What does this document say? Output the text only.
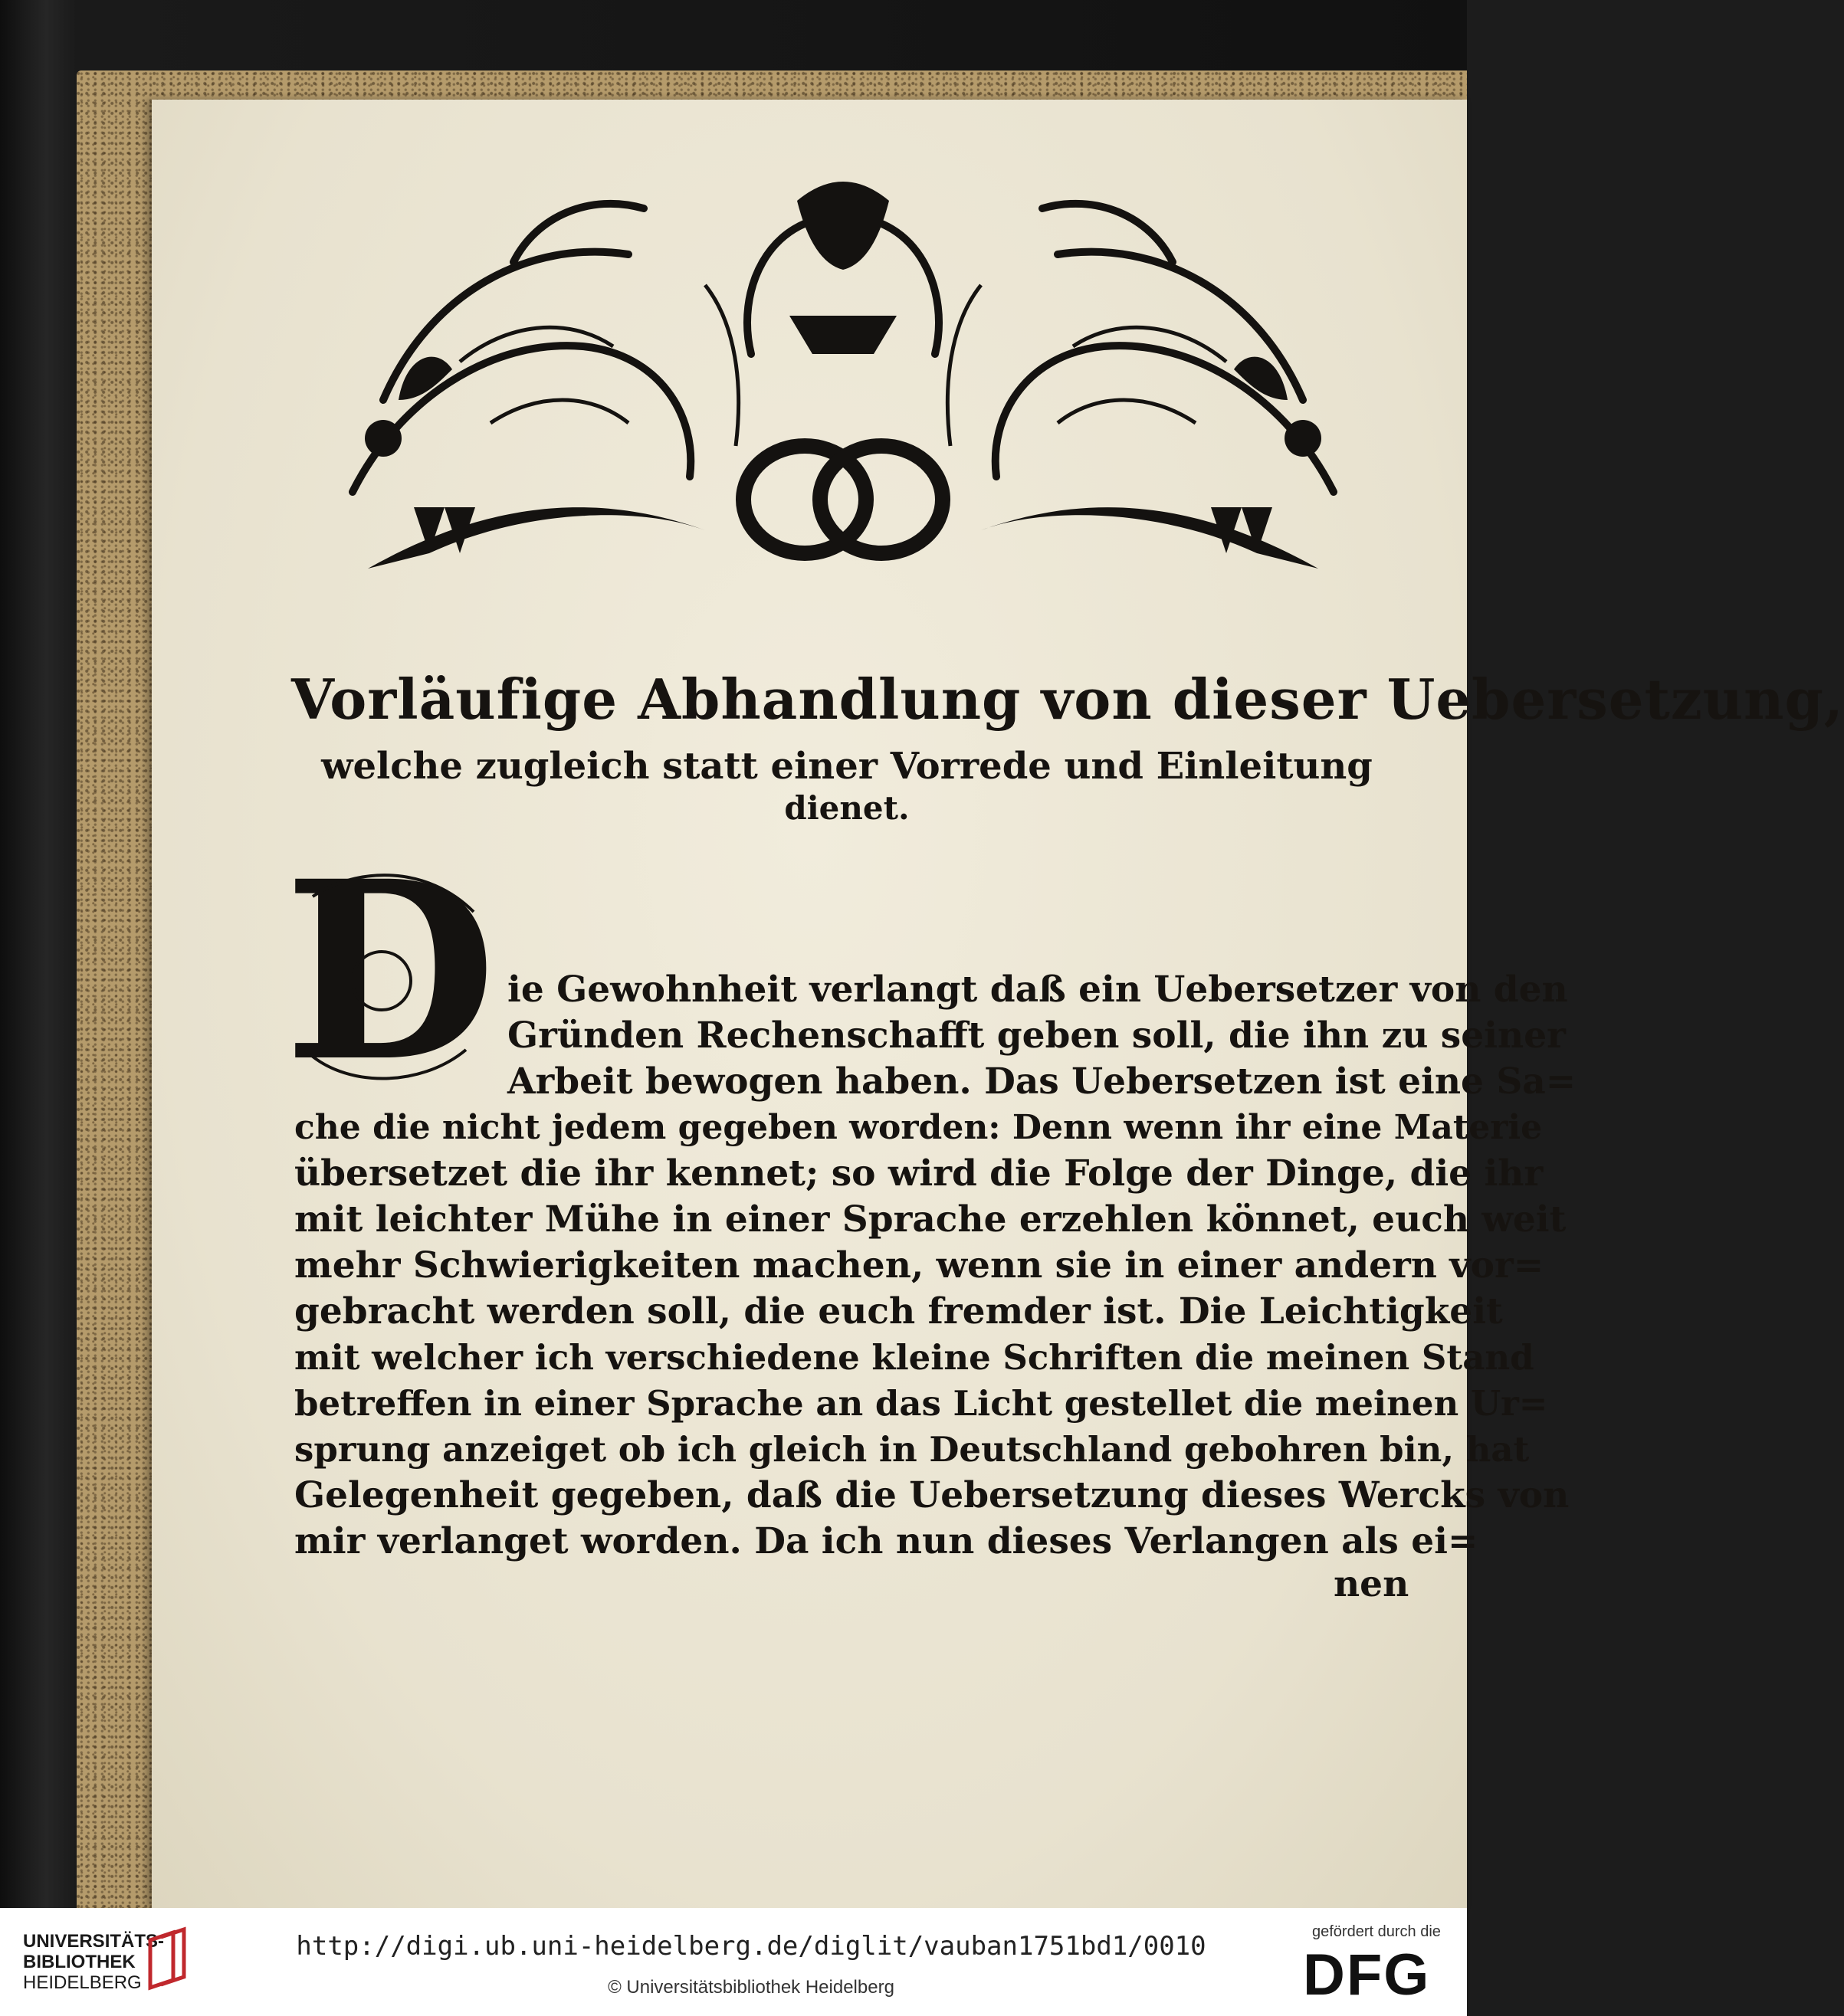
Vorläufige Abhandlung von dieser Uebersetzung,
welche zugleich statt einer Vorrede und Einleitung
dienet.
D ie Gewohnheit verlangt daß ein Uebersetzer von den
Gründen Rechenschafft geben soll, die ihn zu seiner
Arbeit bewogen haben. Das Uebersetzen ist eine Sa=
che die nicht jedem gegeben worden: Denn wenn ihr eine Materie
übersetzet die ihr kennet; so wird die Folge der Dinge, die ihr
mit leichter Mühe in einer Sprache erzehlen könnet, euch weit
mehr Schwierigkeiten machen, wenn sie in einer andern vor=
gebracht werden soll, die euch fremder ist. Die Leichtigkeit
mit welcher ich verschiedene kleine Schriften die meinen Stand
betreffen in einer Sprache an das Licht gestellet die meinen Ur=
sprung anzeiget ob ich gleich in Deutschland gebohren bin, hat
Gelegenheit gegeben, daß die Uebersetzung dieses Wercks von
mir verlanget worden. Da ich nun dieses Verlangen als ei=
nen
UNIVERSITÄTS-
BIBLIOTHEK
HEIDELBERG
http://digi.ub.uni-heidelberg.de/diglit/vauban1751bd1/0010
© Universitätsbibliothek Heidelberg
gefördert durch die
DFG
